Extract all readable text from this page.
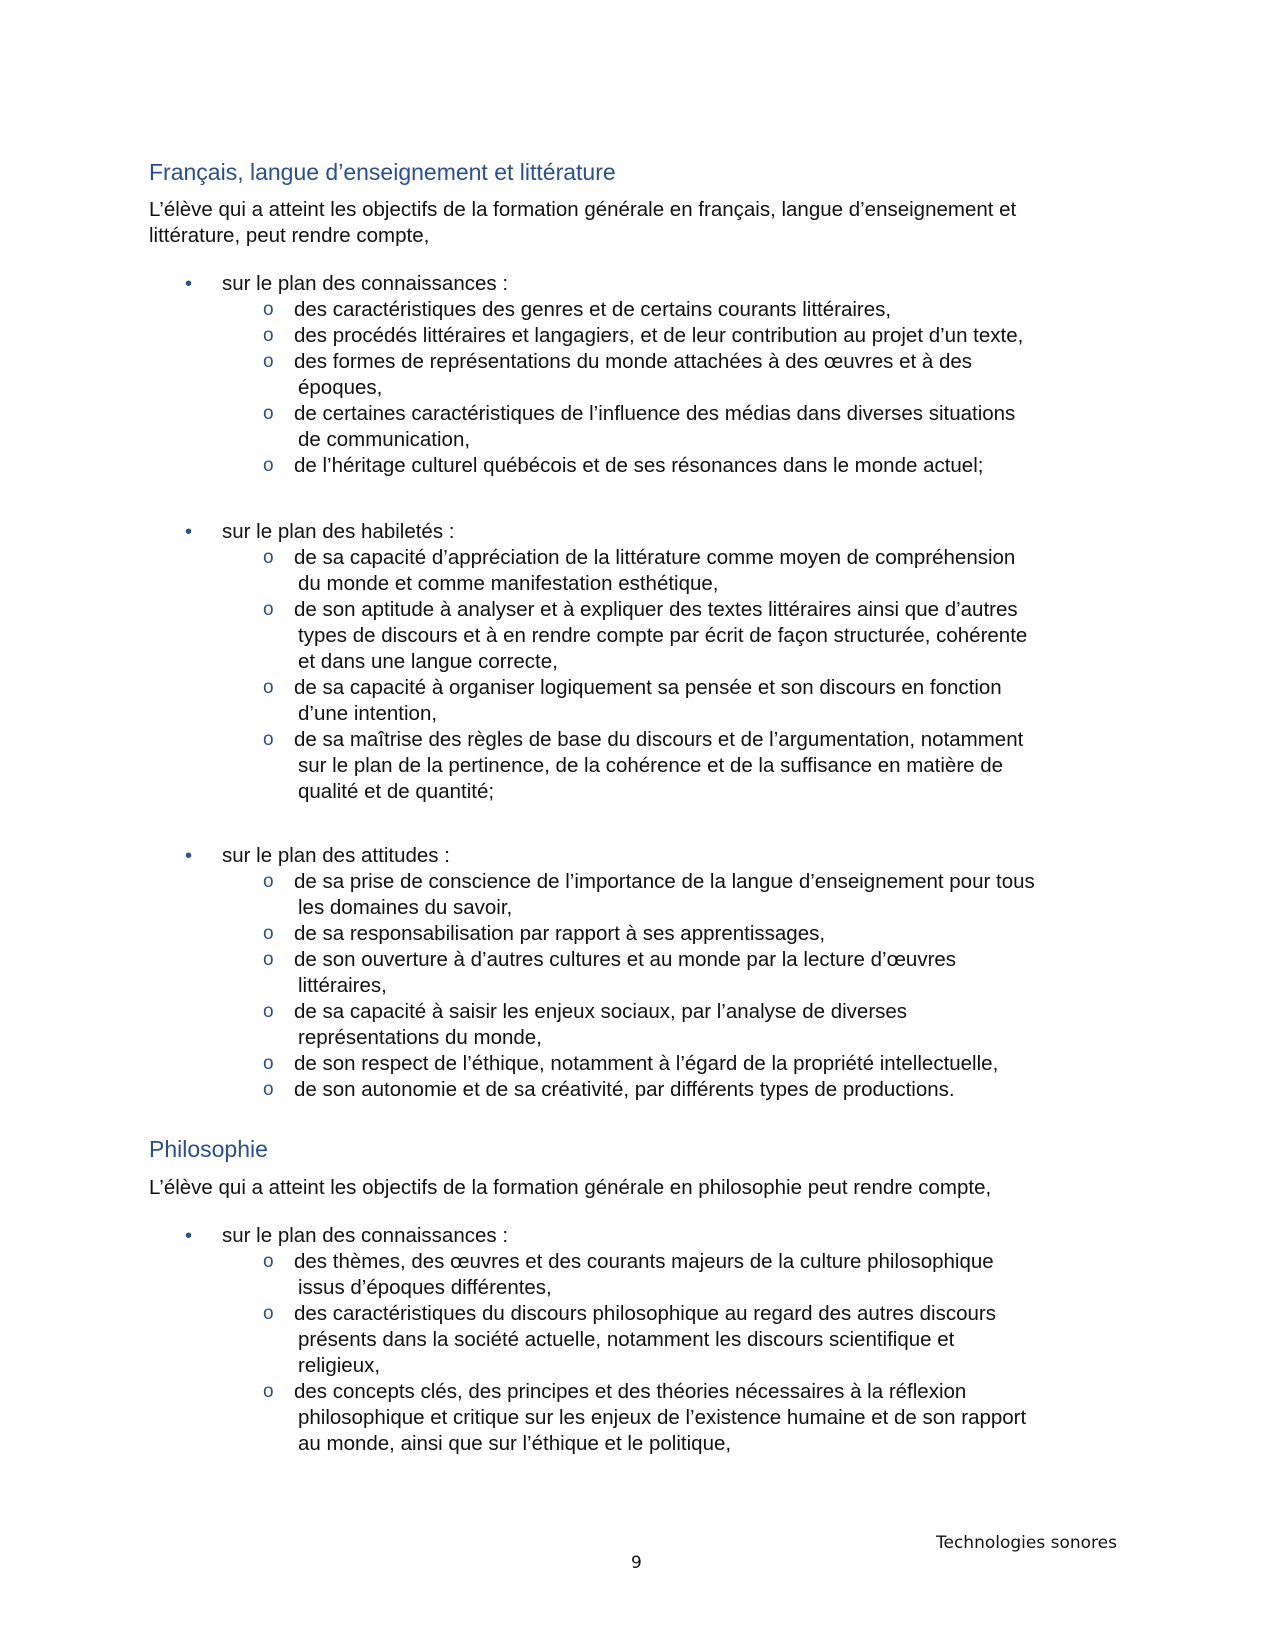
Français, langue d’enseignement et littérature
L’élève qui a atteint les objectifs de la formation générale en français, langue d’enseignement et
littérature, peut rendre compte,
• sur le plan des connaissances :
o des caractéristiques des genres et de certains courants littéraires,
o des procédés littéraires et langagiers, et de leur contribution au projet d’un texte,
o des formes de représentations du monde attachées à des œuvres et à des
époques,
o de certaines caractéristiques de l’influence des médias dans diverses situations
de communication,
o de l’héritage culturel québécois et de ses résonances dans le monde actuel;
• sur le plan des habiletés :
o de sa capacité d’appréciation de la littérature comme moyen de compréhension
du monde et comme manifestation esthétique,
o de son aptitude à analyser et à expliquer des textes littéraires ainsi que d’autres
types de discours et à en rendre compte par écrit de façon structurée, cohérente
et dans une langue correcte,
o de sa capacité à organiser logiquement sa pensée et son discours en fonction
d’une intention,
o de sa maîtrise des règles de base du discours et de l’argumentation, notamment
sur le plan de la pertinence, de la cohérence et de la suffisance en matière de
qualité et de quantité;
• sur le plan des attitudes :
o de sa prise de conscience de l’importance de la langue d’enseignement pour tous
les domaines du savoir,
o de sa responsabilisation par rapport à ses apprentissages,
o de son ouverture à d’autres cultures et au monde par la lecture d’œuvres
littéraires,
o de sa capacité à saisir les enjeux sociaux, par l’analyse de diverses
représentations du monde,
o de son respect de l’éthique, notamment à l’égard de la propriété intellectuelle,
o de son autonomie et de sa créativité, par différents types de productions.
Philosophie
L’élève qui a atteint les objectifs de la formation générale en philosophie peut rendre compte,
• sur le plan des connaissances :
o des thèmes, des œuvres et des courants majeurs de la culture philosophique
issus d’époques différentes,
o des caractéristiques du discours philosophique au regard des autres discours
présents dans la société actuelle, notamment les discours scientifique et
religieux,
o des concepts clés, des principes et des théories nécessaires à la réflexion
philosophique et critique sur les enjeux de l’existence humaine et de son rapport
au monde, ainsi que sur l’éthique et le politique,
Technologies sonores
9
